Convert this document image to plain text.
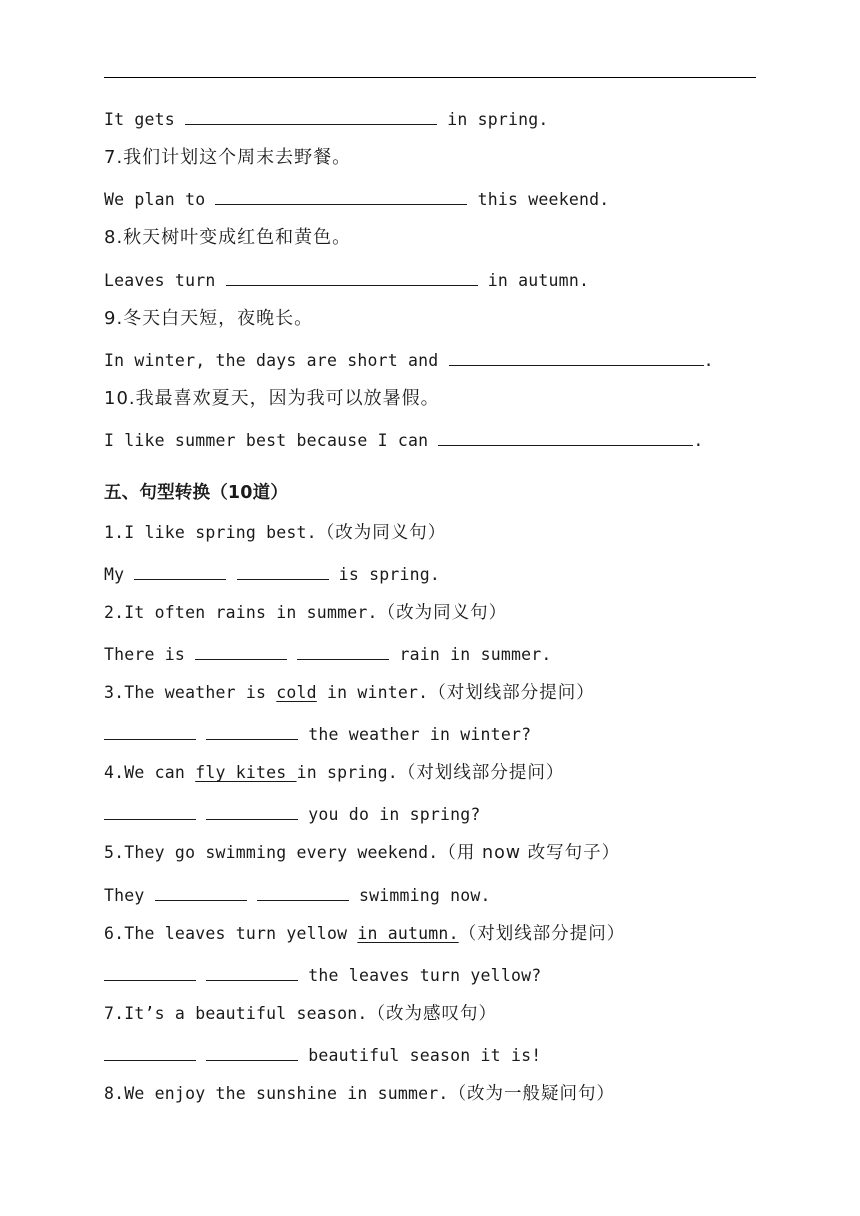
It gets	in spring.
7.我们计划这个周末去野餐。
We plan to	this weekend.
8.秋天树叶变成红色和黄色。
Leaves turn	in autumn.
9.冬天白天短，夜晚长。
In winter, the days are short and	.
10.我最喜欢夏天，因为我可以放暑假。
I like summer best because I can	.
五、句型转换（10道）
1.I like spring best.（改为同义句）
My	is spring.
2.It often rains in summer.（改为同义句）
There is	rain in summer.
3.The weather is cold in winter.（对划线部分提问）
the weather in winter?
4.We can fly kites in spring.（对划线部分提问）
you do in spring?
5.They go swimming every weekend.（用 now 改写句子）
They	swimming now.
6.The leaves turn yellow in autumn.（对划线部分提问）
the leaves turn yellow?
7.It’s a beautiful season.（改为感叹句）
beautiful season it is!
8.We enjoy the sunshine in summer.（改为一般疑问句）
